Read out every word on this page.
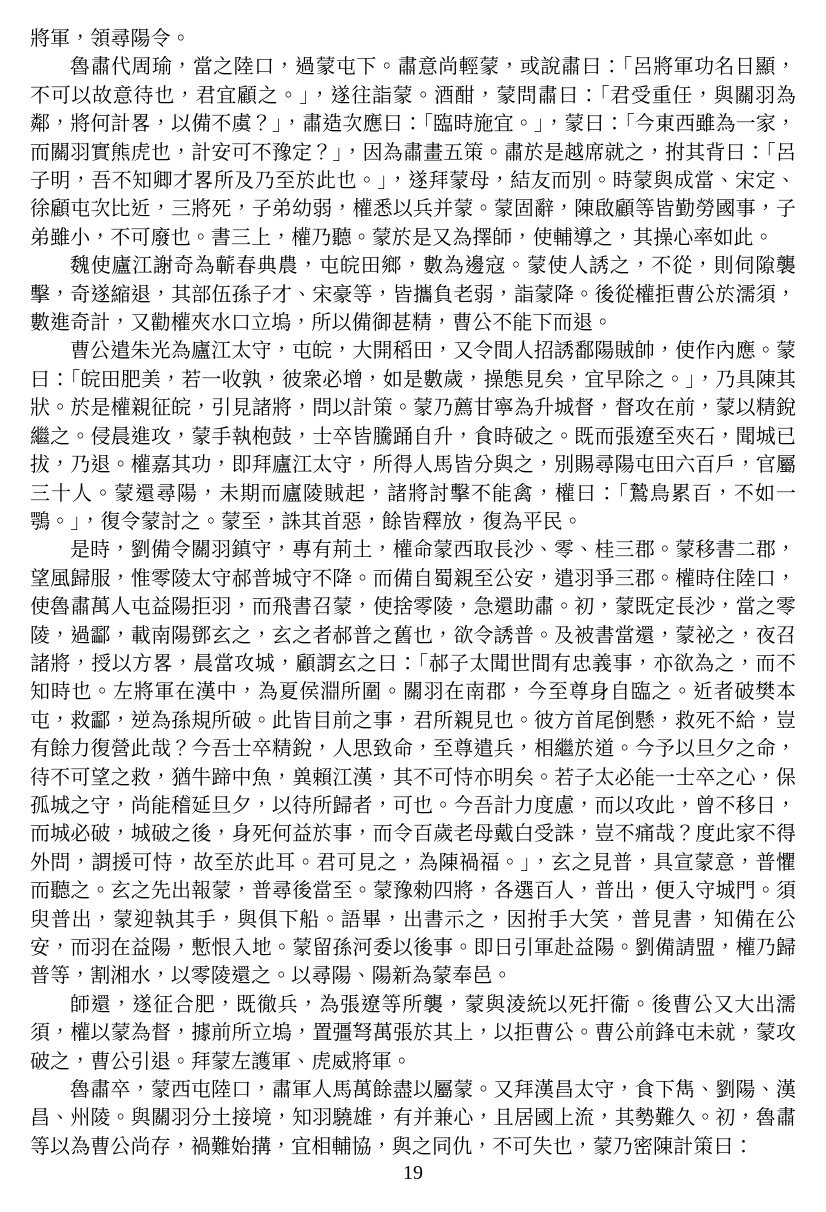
將軍，領尋陽令。

魯肅代周瑜，當之陸口，過蒙屯下。肅意尚輕蒙，或說肅曰：「呂將軍功名日顯，不可以故意待也，君宜顧之。」，遂往詣蒙。酒酣，蒙問肅曰：「君受重任，與關羽為鄰，將何計畧，以備不虞？」，肅造次應曰：「臨時施宜。」，蒙曰：「今東西雖為一家，而關羽實熊虎也，計安可不豫定？」，因為肅畫五策。肅於是越席就之，拊其背曰：「呂子明，吾不知卿才畧所及乃至於此也。」，遂拜蒙母，結友而別。時蒙與成當、宋定、徐顧屯次比近，三將死，子弟幼弱，權悉以兵并蒙。蒙固辭，陳啟顧等皆勤勞國事，子弟雖小，不可廢也。書三上，權乃聽。蒙於是又為擇師，使輔導之，其操心率如此。

魏使廬江謝奇為蘄春典農，屯皖田鄉，數為邊寇。蒙使人誘之，不從，則伺隙襲擊，奇遂縮退，其部伍孫子才、宋豪等，皆攜負老弱，詣蒙降。後從權拒曹公於濡須，數進奇計，又勸權夾水口立塢，所以備御甚精，曹公不能下而退。

曹公遣朱光為廬江太守，屯皖，大開稻田，又令間人招誘鄱陽賊帥，使作內應。蒙曰：「皖田肥美，若一收孰，彼衆必增，如是數歲，操態見矣，宜早除之。」，乃具陳其狀。於是權親征皖，引見諸將，問以計策。蒙乃薦甘寧為升城督，督攻在前，蒙以精銳繼之。侵晨進攻，蒙手執枹鼓，士卒皆騰踊自升，食時破之。既而張遼至夾石，聞城已拔，乃退。權嘉其功，即拜廬江太守，所得人馬皆分與之，別賜尋陽屯田六百戶，官屬三十人。蒙還尋陽，未期而廬陵賊起，諸將討擊不能禽，權曰：「鷙鳥累百，不如一鶚。」，復令蒙討之。蒙至，誅其首惡，餘皆釋放，復為平民。

是時，劉備令關羽鎮守，專有荊土，權命蒙西取長沙、零、桂三郡。蒙移書二郡，望風歸服，惟零陵太守郝普城守不降。而備自蜀親至公安，遣羽爭三郡。權時住陸口，使魯肅萬人屯益陽拒羽，而飛書召蒙，使捨零陵，急還助肅。初，蒙既定長沙，當之零陵，過酃，載南陽鄧玄之，玄之者郝普之舊也，欲令誘普。及被書當還，蒙祕之，夜召諸將，授以方畧，晨當攻城，顧謂玄之曰：「郝子太聞世間有忠義事，亦欲為之，而不知時也。左將軍在漢中，為夏侯淵所圍。關羽在南郡，今至尊身自臨之。近者破樊本屯，救酃，逆為孫規所破。此皆目前之事，君所親見也。彼方首尾倒懸，救死不給，豈有餘力復營此哉？今吾士卒精銳，人思致命，至尊遣兵，相繼於道。今予以旦夕之命，待不可望之救，猶牛蹄中魚，兾賴江漢，其不可恃亦明矣。若子太必能一士卒之心，保孤城之守，尚能稽延旦夕，以待所歸者，可也。今吾計力度慮，而以攻此，曾不移日，而城必破，城破之後，身死何益於事，而令百歲老母戴白受誅，豈不痛哉？度此家不得外問，謂援可恃，故至於此耳。君可見之，為陳禍福。」，玄之見普，具宣蒙意，普懼而聽之。玄之先出報蒙，普尋後當至。蒙豫勑四將，各選百人，普出，便入守城門。須臾普出，蒙迎執其手，與俱下船。語畢，出書示之，因拊手大笑，普見書，知備在公安，而羽在益陽，慙恨入地。蒙留孫河委以後事。即日引軍赴益陽。劉備請盟，權乃歸普等，割湘水，以零陵還之。以尋陽、陽新為蒙奉邑。

師還，遂征合肥，既徹兵，為張遼等所襲，蒙與淩統以死扞衞。後曹公又大出濡須，權以蒙為督，據前所立塢，置彊弩萬張於其上，以拒曹公。曹公前鋒屯未就，蒙攻破之，曹公引退。拜蒙左護軍、虎威將軍。

魯肅卒，蒙西屯陸口，肅軍人馬萬餘盡以屬蒙。又拜漢昌太守，食下雋、劉陽、漢昌、州陵。與關羽分土接境，知羽驍雄，有并兼心，且居國上流，其勢難久。初，魯肅等以為曹公尚存，禍難始搆，宜相輔協，與之同仇，不可失也，蒙乃密陳計策曰：

19
